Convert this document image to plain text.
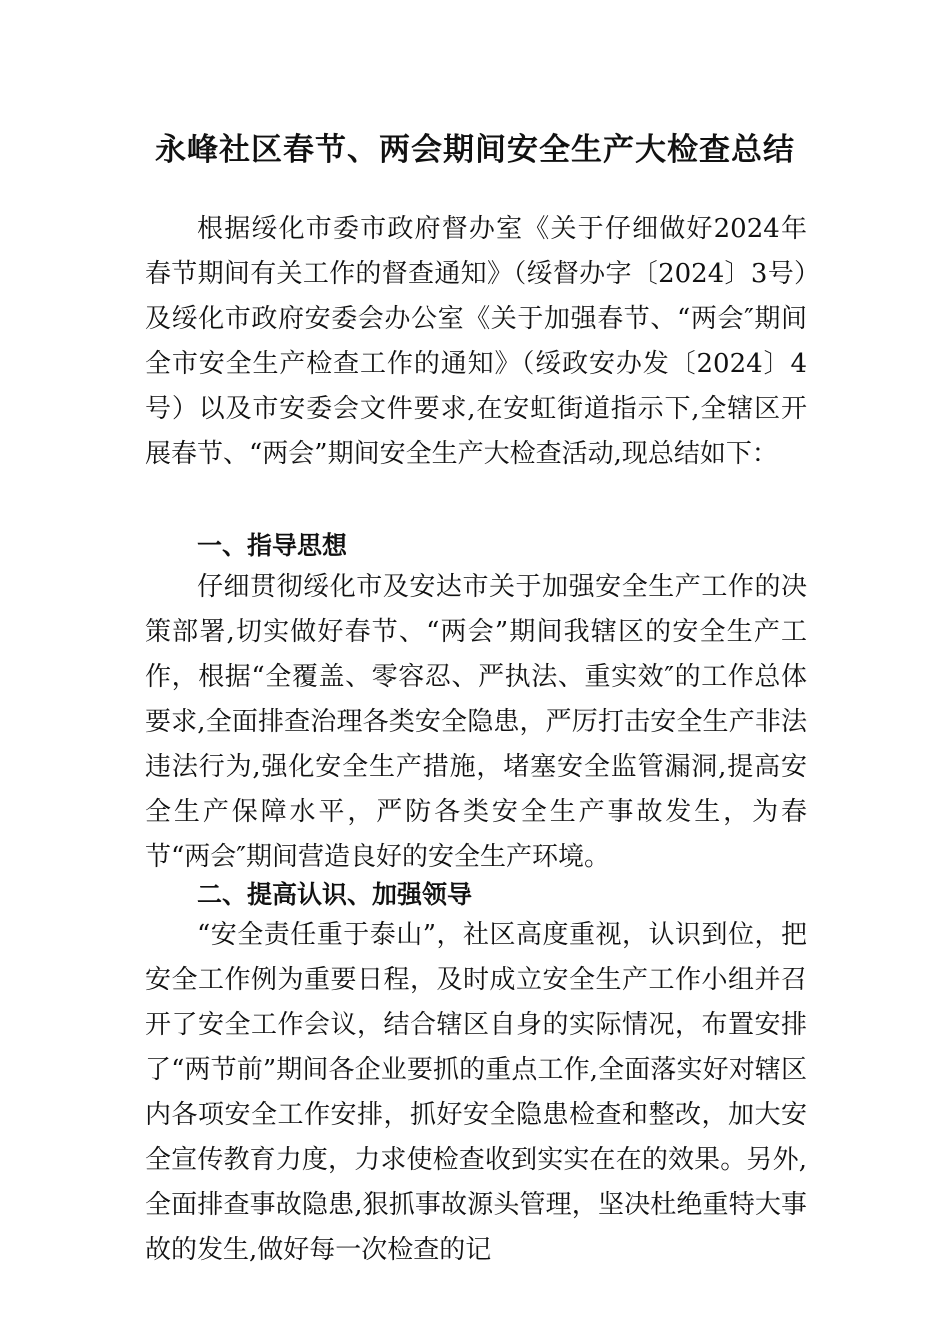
永峰社区春节、两会期间安全生产大检查总结

根据绥化市委市政府督办室《关于仔细做好2024年春节期间有关工作的督查通知》（绥督办字〔2024〕3号）及绥化市政府安委会办公室《关于加强春节、“两会″期间全市安全生产检查工作的通知》（绥政安办发〔2024〕4号）以及市安委会文件要求,在安虹街道指示下,全辖区开展春节、“两会”期间安全生产大检查活动,现总结如下：

一、指导思想

仔细贯彻绥化市及安达市关于加强安全生产工作的决策部署,切实做好春节、“两会”期间我辖区的安全生产工作，根据“全覆盖、零容忍、严执法、重实效″的工作总体要求,全面排查治理各类安全隐患，严厉打击安全生产非法违法行为,强化安全生产措施，堵塞安全监管漏洞,提高安全生产保障水平，严防各类安全生产事故发生，为春节“两会″期间营造良好的安全生产环境。

二、提高认识、加强领导

“安全责任重于泰山”，社区高度重视，认识到位，把安全工作例为重要日程，及时成立安全生产工作小组并召开了安全工作会议，结合辖区自身的实际情况，布置安排了“两节前”期间各企业要抓的重点工作,全面落实好对辖区内各项安全工作安排，抓好安全隐患检查和整改，加大安全宣传教育力度，力求使检查收到实实在在的效果。另外,全面排查事故隐患,狠抓事故源头管理，坚决杜绝重特大事故的发生,做好每一次检查的记
